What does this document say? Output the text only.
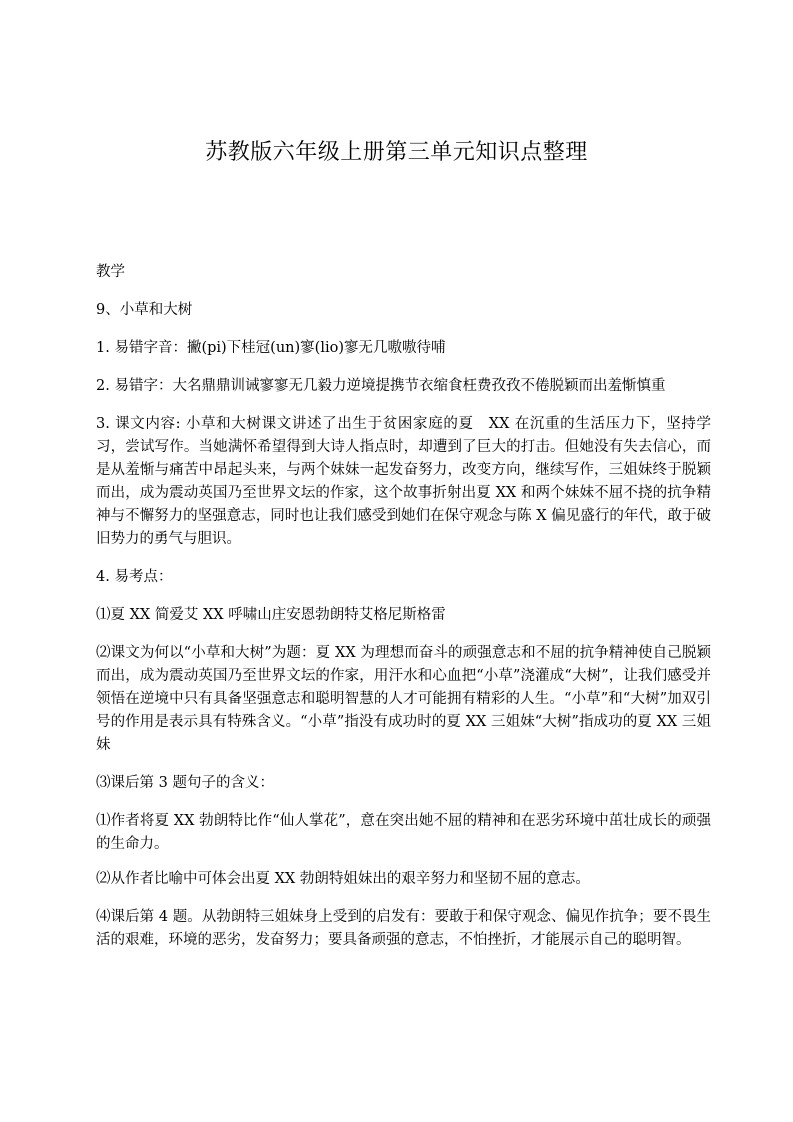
苏教版六年级上册第三单元知识点整理

教学

9、小草和大树

1. 易错字音：撇(pi)下桂冠(un)寥(lio)寥无几嗷嗷待哺

2. 易错字：大名鼎鼎训诫寥寥无几毅力逆境提携节衣缩食枉费孜孜不倦脱颖而出羞惭慎重

3. 课文内容: 小草和大树课文讲述了出生于贫困家庭的夏　XX 在沉重的生活压力下，坚持学习，尝试写作。当她满怀希望得到大诗人指点时，却遭到了巨大的打击。但她没有失去信心，而是从羞惭与痛苦中昂起头来，与两个妹妹一起发奋努力，改变方向，继续写作，三姐妹终于脱颖而出，成为震动英国乃至世界文坛的作家，这个故事折射出夏 XX 和两个妹妹不屈不挠的抗争精神与不懈努力的坚强意志，同时也让我们感受到她们在保守观念与陈 X 偏见盛行的年代，敢于破旧势力的勇气与胆识。

4. 易考点：

⑴夏 XX 简爱艾 XX 呼啸山庄安恩勃朗特艾格尼斯格雷

⑵课文为何以“小草和大树”为题：夏 XX 为理想而奋斗的顽强意志和不屈的抗争精神使自己脱颖而出，成为震动英国乃至世界文坛的作家，用汗水和心血把“小草”浇灌成“大树”，让我们感受并领悟在逆境中只有具备坚强意志和聪明智慧的人才可能拥有精彩的人生。“小草”和“大树”加双引号的作用是表示具有特殊含义。“小草”指没有成功时的夏 XX 三姐妹“大树”指成功的夏 XX 三姐妹

⑶课后第 3 题句子的含义：

⑴作者将夏 XX 勃朗特比作“仙人掌花”，意在突出她不屈的精神和在恶劣环境中茁壮成长的顽强的生命力。

⑵从作者比喻中可体会出夏 XX 勃朗特姐妹出的艰辛努力和坚韧不屈的意志。

⑷课后第 4 题。从勃朗特三姐妹身上受到的启发有：要敢于和保守观念、偏见作抗争；要不畏生活的艰难，环境的恶劣，发奋努力；要具备顽强的意志，不怕挫折，才能展示自己的聪明智。
